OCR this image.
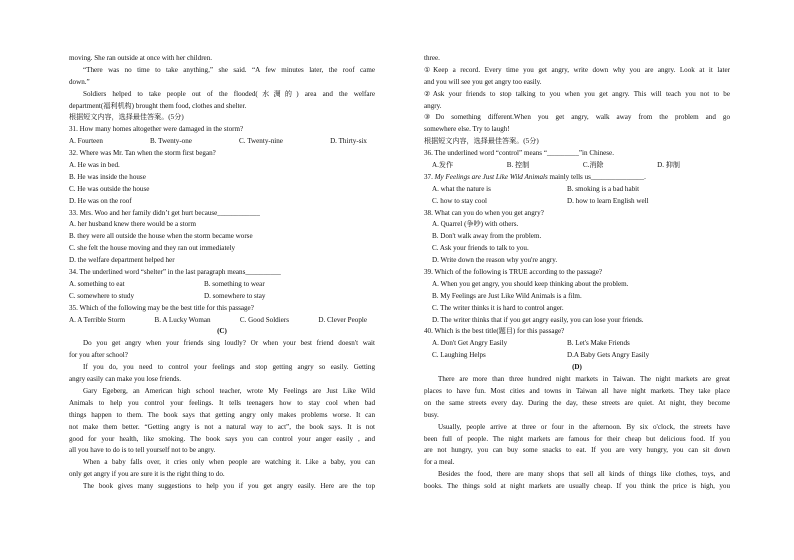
moving. She ran outside at once with her children.
“There was no time to take anything,” she said. “A few minutes later, the roof came
down.”
Soldiers helped to take people out of the flooded(水淍的) area and the welfare
department(福利机构) brought them food, clothes and shelter.
根据短文内容，选择最佳答案。(5分)
31. How many homes altogether were damaged in the storm?
A. Fourteen	B. Twenty-one	C. Twenty-nine	D. Thirty-six
32. Where was Mr. Tan when the storm first began?
A. He was in bed.
B. He was inside the house
C. He was outside the house
D. He was on the roof
33. Mrs. Woo and her family didn’t get hurt because____________
A. her husband knew there would be a storm
B. they were all outside the house when the storm became worse
C. she felt the house moving and they ran out immediately
D. the welfare department helped her
34. The underlined word “shelter” in the last paragraph means__________
A. something to eat	B. something to wear
C. somewhere to study	D. somewhere to stay
35. Which of the following may be the best title for this passage?
A. A Terrible Storm	B. A Lucky Woman	C. Good Soldiers	D. Clever People
(C)
Do you get angry when your friends sing loudly? Or when your best friend doesn't wait
for you after school?
If you do, you need to control your feelings and stop getting angry so easily. Getting
angry easily can make you lose friends.
Gary Egeberg, an American high school teacher, wrote My Feelings are Just Like Wild
Animals to help you control your feelings. It tells teenagers how to stay cool when bad
things happen to them. The book says that getting angry only makes problems worse. It can
not make them better. “Getting angry is not a natural way to act”, the book says. It is not
good for your health, like smoking. The book says you can control your anger easily , and
all you have to do is to tell yourself not to be angry.
When a baby falls over, it cries only when people are watching it. Like a baby, you can
only get angry if you are sure it is the right thing to do.
The book gives many suggestions to help you if you get angry easily. Here are the top
three.
①Keep a record. Every time you get angry, write down why you are angry. Look at it later
and you will see you get angry too easily.
②Ask your friends to stop talking to you when you get angry. This will teach you not to be
angry.
③Do something different.When you get angry, walk away from the problem and go
somewhere else. Try to laugh!
根据短文内容，选择最佳答案。(5分)
36. The underlined word “control” means “_________”in Chinese.
A.发作	B. 控制	C.消除	D. 抑制
37. My Feelings are Just Like Wild Animals mainly tells us_______________.
A. what the nature is	B. smoking is a bad habit
C. how to stay cool	D. how to learn English well
38. What can you do when you get angry?
A. Quarrel (争吵) with others.
B. Don't walk away from the problem.
C. Ask your friends to talk to you.
D. Write down the reason why you're angry.
39. Which of the following is TRUE according to the passage?
A. When you get angry, you should keep thinking about the problem.
B. My Feelings are Just Like Wild Animals is a film.
C. The writer thinks it is hard to control anger.
D. The writer thinks that if you get angry easily, you can lose your friends.
40. Which is the best title(题目) for this passage?
A. Don't Get Angry Easily	B. Let's Make Friends
C. Laughing Helps	D.A Baby Gets Angry Easily
(D)
There are more than three hundred night markets in Taiwan. The night markets are great
places to have fun. Most cities and towns in Taiwan all have night markets. They take place
on the same streets every day. During the day, these streets are quiet. At night, they become
busy.
Usually, people arrive at three or four in the afternoon. By six o'clock, the streets have
been full of people. The night markets are famous for their cheap but delicious food. If you
are not hungry, you can buy some snacks to eat. If you are very hungry, you can sit down
for a meal.
Besides the food, there are many shops that sell all kinds of things like clothes, toys, and
books. The things sold at night markets are usually cheap. If you think the price is high, you
